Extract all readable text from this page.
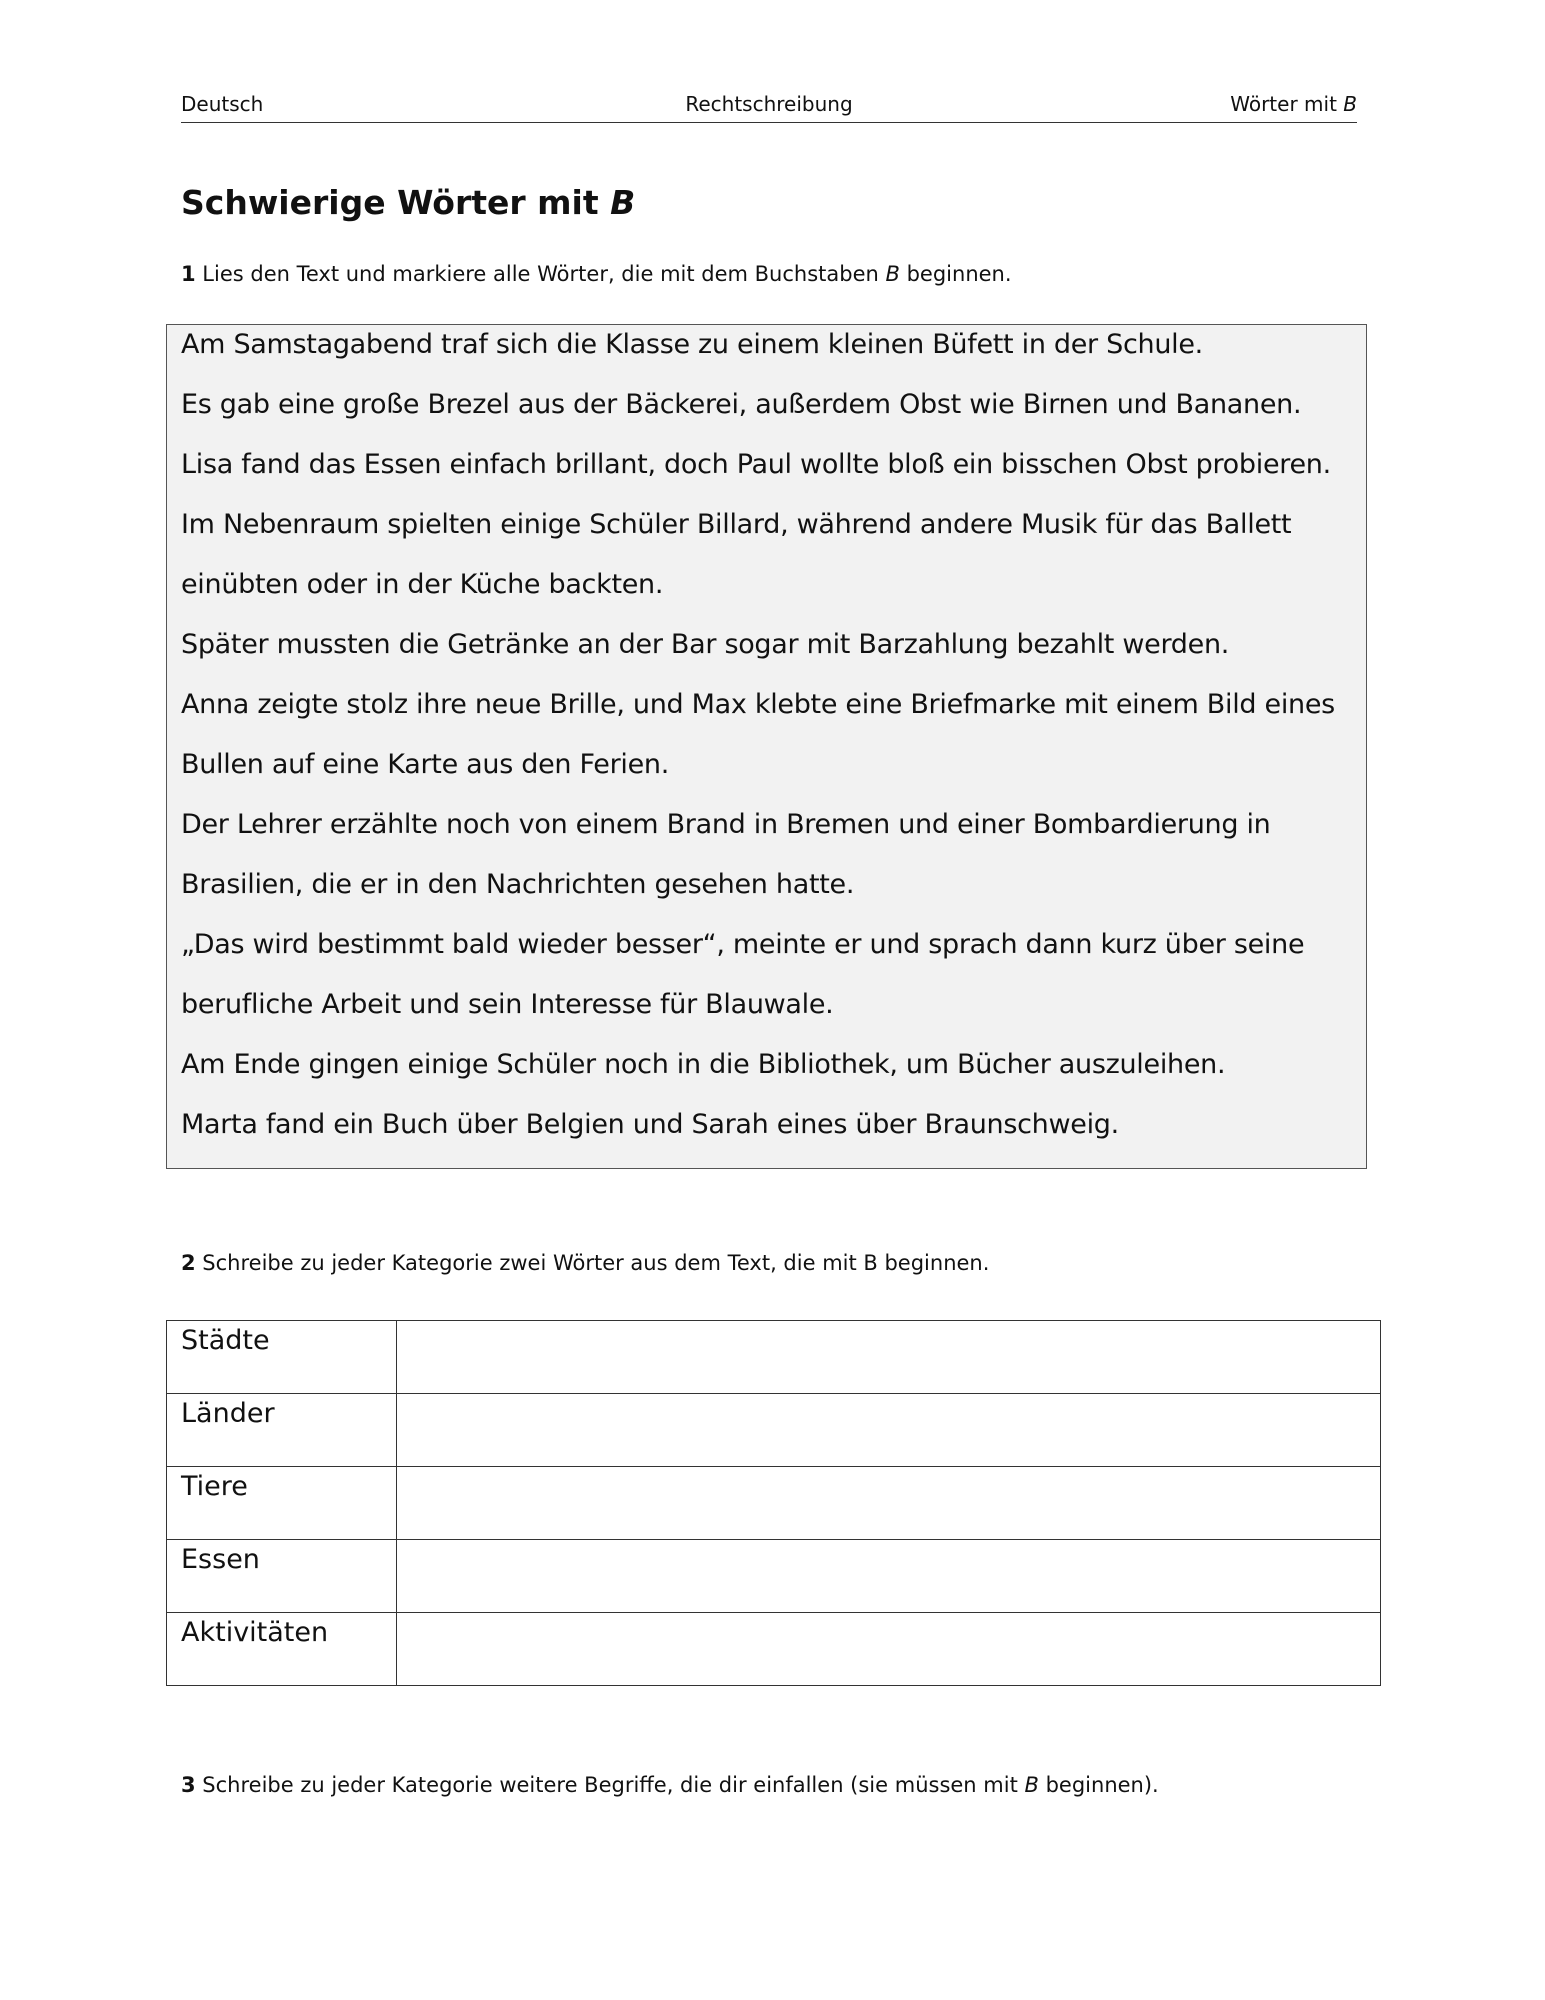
Deutsch	Rechtschreibung	Wörter mit B
Schwierige Wörter mit B
1 Lies den Text und markiere alle Wörter, die mit dem Buchstaben B beginnen.
Am Samstagabend traf sich die Klasse zu einem kleinen Büfett in der Schule.
Es gab eine große Brezel aus der Bäckerei, außerdem Obst wie Birnen und Bananen.
Lisa fand das Essen einfach brillant, doch Paul wollte bloß ein bisschen Obst probieren.
Im Nebenraum spielten einige Schüler Billard, während andere Musik für das Ballett
einübten oder in der Küche backten.
Später mussten die Getränke an der Bar sogar mit Barzahlung bezahlt werden.
Anna zeigte stolz ihre neue Brille, und Max klebte eine Briefmarke mit einem Bild eines
Bullen auf eine Karte aus den Ferien.
Der Lehrer erzählte noch von einem Brand in Bremen und einer Bombardierung in
Brasilien, die er in den Nachrichten gesehen hatte.
„Das wird bestimmt bald wieder besser“, meinte er und sprach dann kurz über seine
berufliche Arbeit und sein Interesse für Blauwale.
Am Ende gingen einige Schüler noch in die Bibliothek, um Bücher auszuleihen.
Marta fand ein Buch über Belgien und Sarah eines über Braunschweig.
2 Schreibe zu jeder Kategorie zwei Wörter aus dem Text, die mit B beginnen.
Städte	
Länder	
Tiere	
Essen	
Aktivitäten	
3 Schreibe zu jeder Kategorie weitere Begriffe, die dir einfallen (sie müssen mit B beginnen).
